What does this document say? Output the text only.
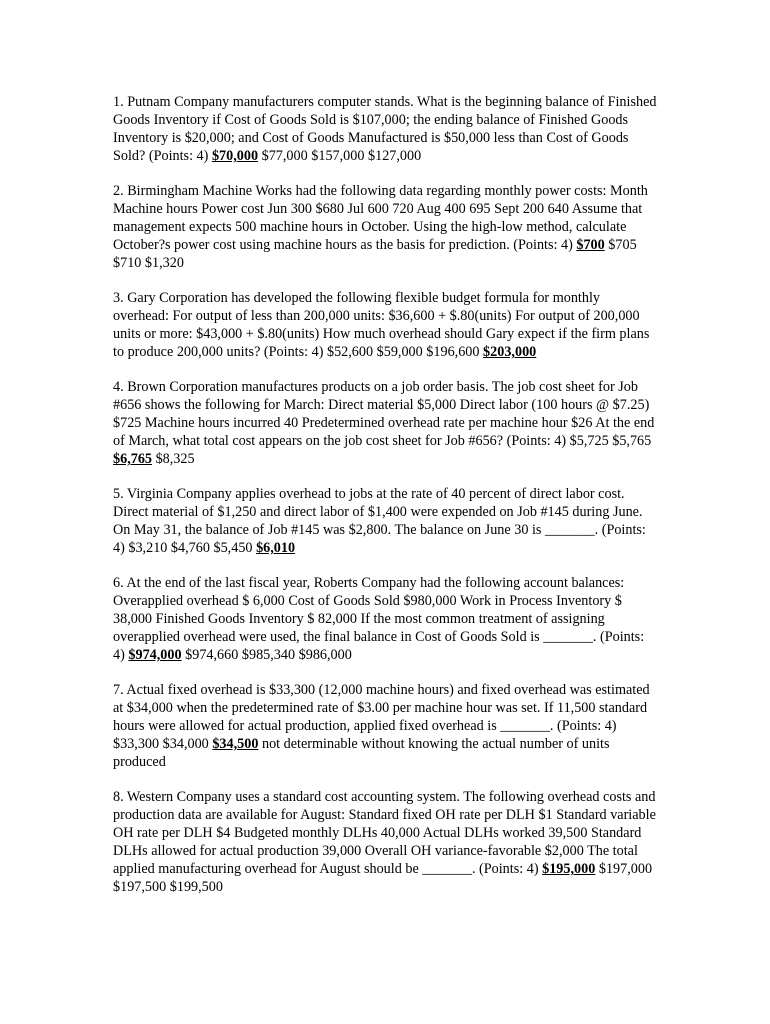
1. Putnam Company manufacturers computer stands. What is the beginning balance of Finished Goods Inventory if Cost of Goods Sold is $107,000; the ending balance of Finished Goods Inventory is $20,000; and Cost of Goods Manufactured is $50,000 less than Cost of Goods Sold? (Points: 4) $70,000 $77,000 $157,000 $127,000

2. Birmingham Machine Works had the following data regarding monthly power costs: Month Machine hours Power cost Jun 300 $680 Jul 600 720 Aug 400 695 Sept 200 640 Assume that management expects 500 machine hours in October. Using the high-low method, calculate October?s power cost using machine hours as the basis for prediction. (Points: 4) $700 $705 $710 $1,320

3. Gary Corporation has developed the following flexible budget formula for monthly overhead: For output of less than 200,000 units: $36,600 + $.80(units) For output of 200,000 units or more: $43,000 + $.80(units) How much overhead should Gary expect if the firm plans to produce 200,000 units? (Points: 4) $52,600 $59,000 $196,600 $203,000

4. Brown Corporation manufactures products on a job order basis. The job cost sheet for Job #656 shows the following for March: Direct material $5,000 Direct labor (100 hours @ $7.25) $725 Machine hours incurred 40 Predetermined overhead rate per machine hour $26 At the end of March, what total cost appears on the job cost sheet for Job #656? (Points: 4) $5,725 $5,765 $6,765 $8,325

5. Virginia Company applies overhead to jobs at the rate of 40 percent of direct labor cost. Direct material of $1,250 and direct labor of $1,400 were expended on Job #145 during June. On May 31, the balance of Job #145 was $2,800. The balance on June 30 is _______. (Points: 4) $3,210 $4,760 $5,450 $6,010

6. At the end of the last fiscal year, Roberts Company had the following account balances: Overapplied overhead $ 6,000 Cost of Goods Sold $980,000 Work in Process Inventory $ 38,000 Finished Goods Inventory $ 82,000 If the most common treatment of assigning overapplied overhead were used, the final balance in Cost of Goods Sold is _______. (Points: 4) $974,000 $974,660 $985,340 $986,000

7. Actual fixed overhead is $33,300 (12,000 machine hours) and fixed overhead was estimated at $34,000 when the predetermined rate of $3.00 per machine hour was set. If 11,500 standard hours were allowed for actual production, applied fixed overhead is _______. (Points: 4) $33,300 $34,000 $34,500 not determinable without knowing the actual number of units produced

8. Western Company uses a standard cost accounting system. The following overhead costs and production data are available for August: Standard fixed OH rate per DLH $1 Standard variable OH rate per DLH $4 Budgeted monthly DLHs 40,000 Actual DLHs worked 39,500 Standard DLHs allowed for actual production 39,000 Overall OH variance-favorable $2,000 The total applied manufacturing overhead for August should be _______. (Points: 4) $195,000 $197,000 $197,500 $199,500
